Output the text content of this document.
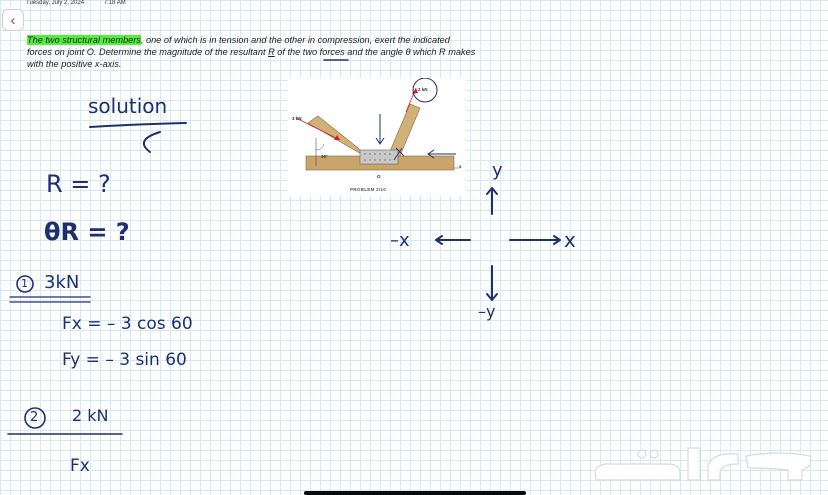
Tuesday, July 2, 2024	7:18 AM
‹
The two structural members, one of which is in tension and the other in compression, exert the indicated forces on joint O. Determine the magnitude of the resultant R of the two forces and the angle θ which R makes with the positive x-axis.
3 kN
2 kN
30°
O
x
PROBLEM 2/10
solution
R = ?
θR = ?
1 3kN
Fx = – 3 cos 60
Fy = – 3 sin 60
2 2 kN
Fx
y
–x	x
–y
